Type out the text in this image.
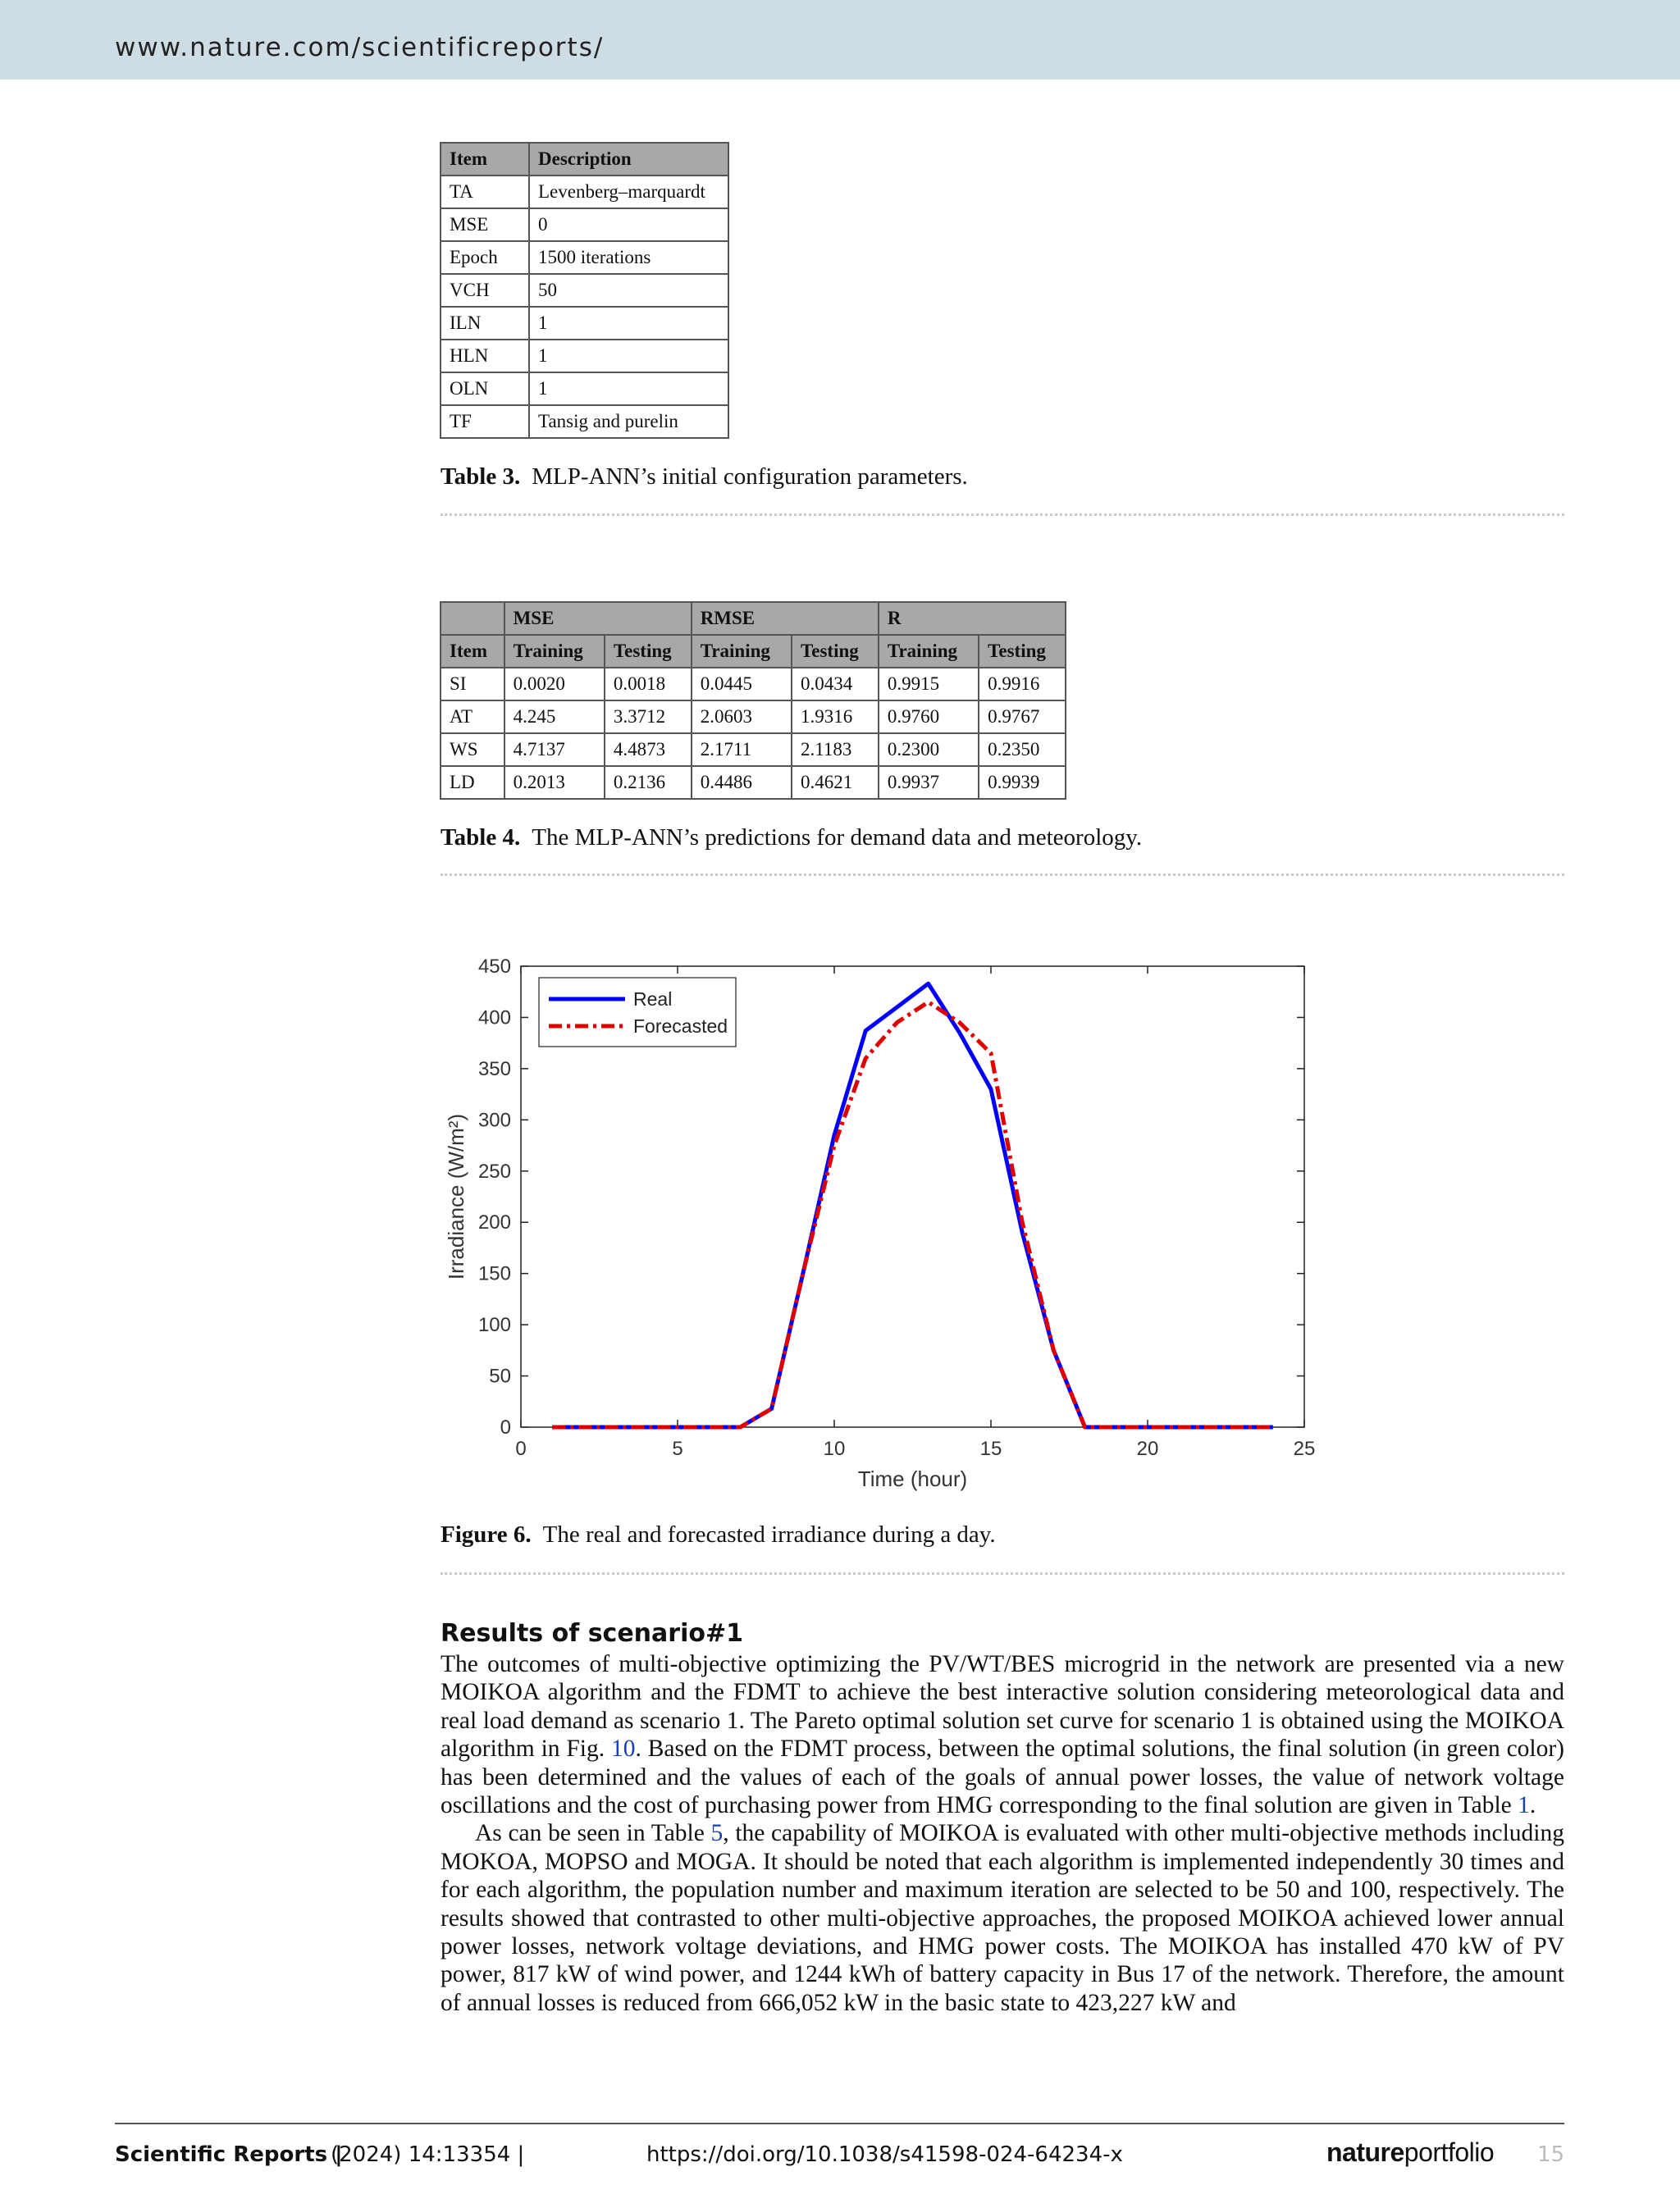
www.nature.com/scientificreports/
Item	Description
TA	Levenberg–marquardt
MSE	0
Epoch	1500 iterations
VCH	50
ILN	1
HLN	1
OLN	1
TF	Tansig and purelin
Table 3. MLP-ANN’s initial configuration parameters.
	MSE		RMSE		R	
Item	Training	Testing	Training	Testing	Training	Testing
SI	0.0020	0.0018	0.0445	0.0434	0.9915	0.9916
AT	4.245	3.3712	2.0603	1.9316	0.9760	0.9767
WS	4.7137	4.4873	2.1711	2.1183	0.2300	0.2350
LD	0.2013	0.2136	0.4486	0.4621	0.9937	0.9939
Table 4. The MLP-ANN’s predictions for demand data and meteorology.
0	5	10	15	20	25
0
50
100
150
200
250
300
350
400
450
Time (hour)
Irradiance (W/m²)
Real
Forecasted
Figure 6. The real and forecasted irradiance during a day.
Results of scenario#1

The outcomes of multi-objective optimizing the PV/WT/BES microgrid in the network are presented via a new MOIKOA algorithm and the FDMT to achieve the best interactive solution considering meteorological data and real load demand as scenario 1. The Pareto optimal solution set curve for scenario 1 is obtained using the MOIKOA algorithm in Fig. 10. Based on the FDMT process, between the optimal solutions, the final solution (in green color) has been determined and the values of each of the goals of annual power losses, the value of network voltage oscillations and the cost of purchasing power from HMG corresponding to the final solution are given in Table 1.

As can be seen in Table 5, the capability of MOIKOA is evaluated with other multi-objective methods including MOKOA, MOPSO and MOGA. It should be noted that each algorithm is implemented independently 30 times and for each algorithm, the population number and maximum iteration are selected to be 50 and 100, respectively. The results showed that contrasted to other multi-objective approaches, the proposed MOIKOA achieved lower annual power losses, network voltage deviations, and HMG power costs. The MOIKOA has installed 470 kW of PV power, 817 kW of wind power, and 1244 kWh of battery capacity in Bus 17 of the network. Therefore, the amount of annual losses is reduced from 666,052 kW in the basic state to 423,227 kW and

Scientific Reports |
(2024) 14:13354 |	https://doi.org/10.1038/s41598-024-64234-x	natureportfolio 15
